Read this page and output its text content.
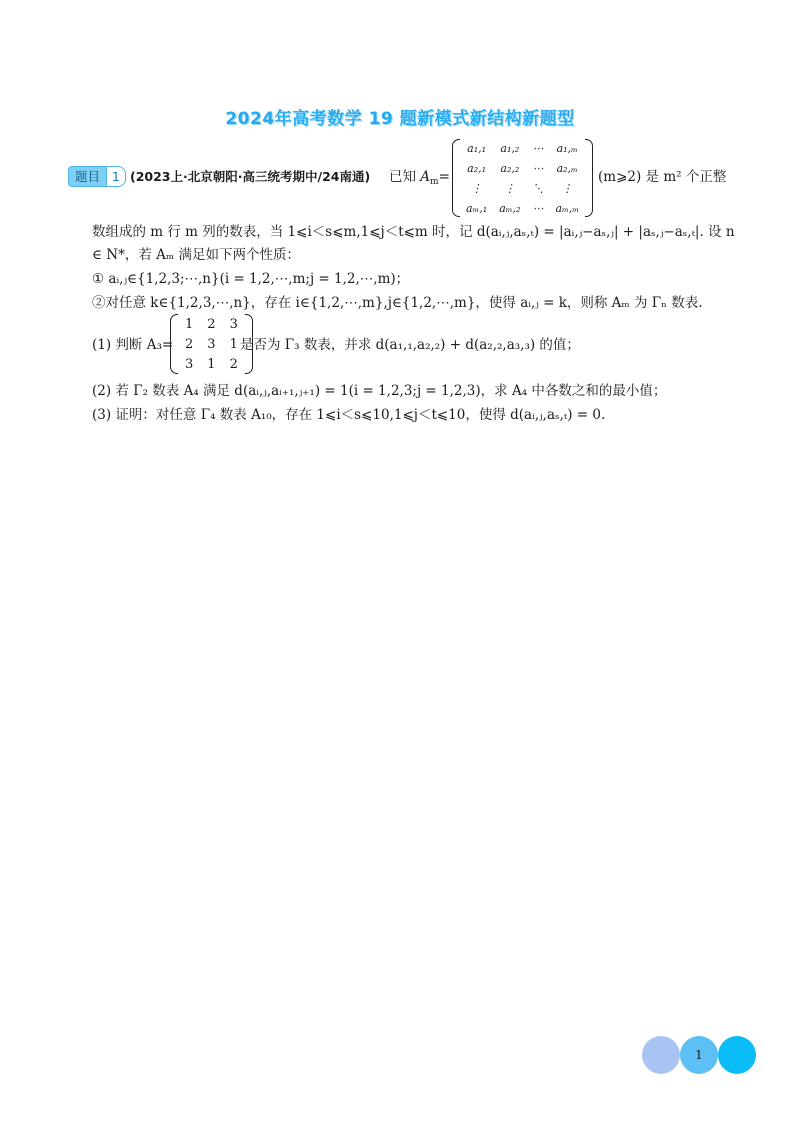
2024年高考数学 19 题新模式新结构新题型
题目 1 (2023上·北京朝阳·高三统考期中/24南通) 已知 $A_m=$
a₁,₁	a₁,₂	⋯	a₁,ₘ
a₂,₁	a₂,₂	⋯	a₂,ₘ
⋮	⋮	⋱	⋮
aₘ,₁	aₘ,₂	⋯	aₘ,ₘ
(m⩾2) 是 m² 个正整
数组成的 m 行 m 列的数表，当 1⩽i＜s⩽m,1⩽j＜t⩽m 时，记 d(aᵢ,ⱼ,aₛ,ₜ) = |aᵢ,ⱼ−aₛ,ⱼ| + |aₛ,ⱼ−aₛ,ₜ|. 设 n
∈ N*，若 Aₘ 满足如下两个性质：
① aᵢ,ⱼ∈{1,2,3;⋯,n}(i = 1,2,⋯,m;j = 1,2,⋯,m)；
②对任意 k∈{1,2,3,⋯,n}，存在 i∈{1,2,⋯,m},j∈{1,2,⋯,m}，使得 aᵢ,ⱼ = k，则称 Aₘ 为 Γₙ 数表.
(1) 判断 A₃=
1	2	3
2	3	1
3	1	2
是否为 Γ₃ 数表，并求 d(a₁,₁,a₂,₂) + d(a₂,₂,a₃,₃) 的值；
(2) 若 Γ₂ 数表 A₄ 满足 d(aᵢ,ⱼ,aᵢ₊₁,ⱼ₊₁) = 1(i = 1,2,3;j = 1,2,3)，求 A₄ 中各数之和的最小值；
(3) 证明：对任意 Γ₄ 数表 A₁₀，存在 1⩽i＜s⩽10,1⩽j＜t⩽10，使得 d(aᵢ,ⱼ,aₛ,ₜ) = 0.
1
